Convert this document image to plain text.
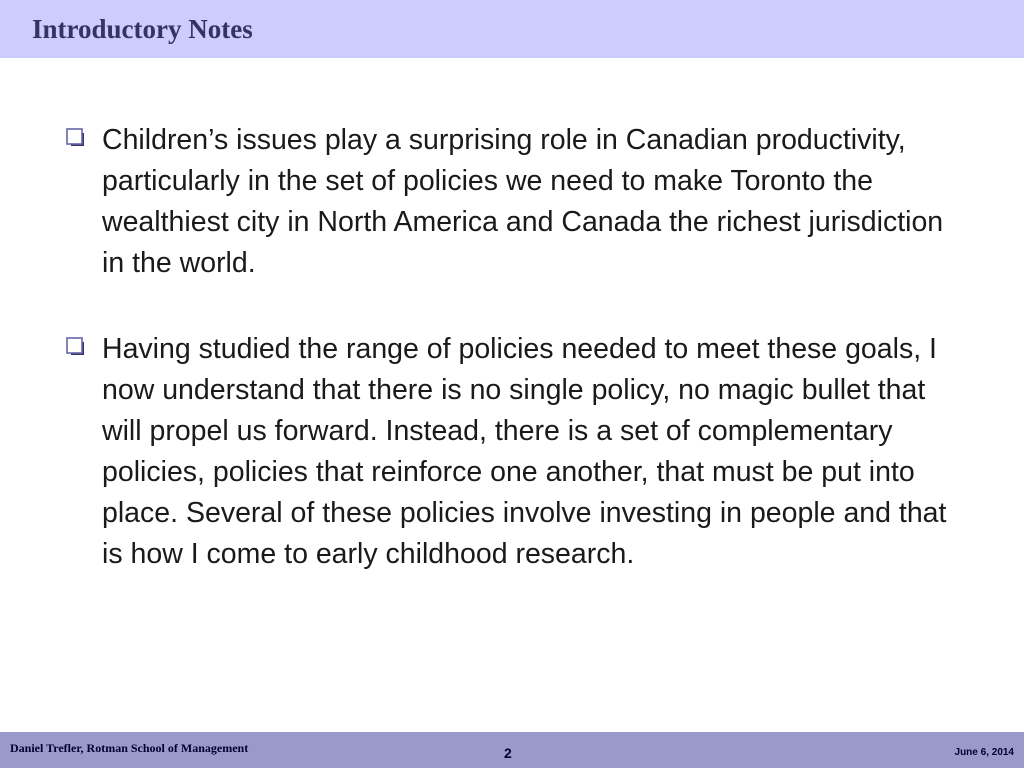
Introductory Notes
Children’s issues play a surprising role in Canadian productivity, particularly in the set of policies we need to make Toronto the wealthiest city in North America and Canada the richest jurisdiction in the world.
Having studied the range of policies needed to meet these goals, I now understand that there is no single policy, no magic bullet that will propel us forward. Instead, there is a set of complementary policies, policies that reinforce one another, that must be put into place. Several of these policies involve investing in people and that is how I come to early childhood research.
Daniel Trefler, Rotman School of Management	2	June 6, 2014
